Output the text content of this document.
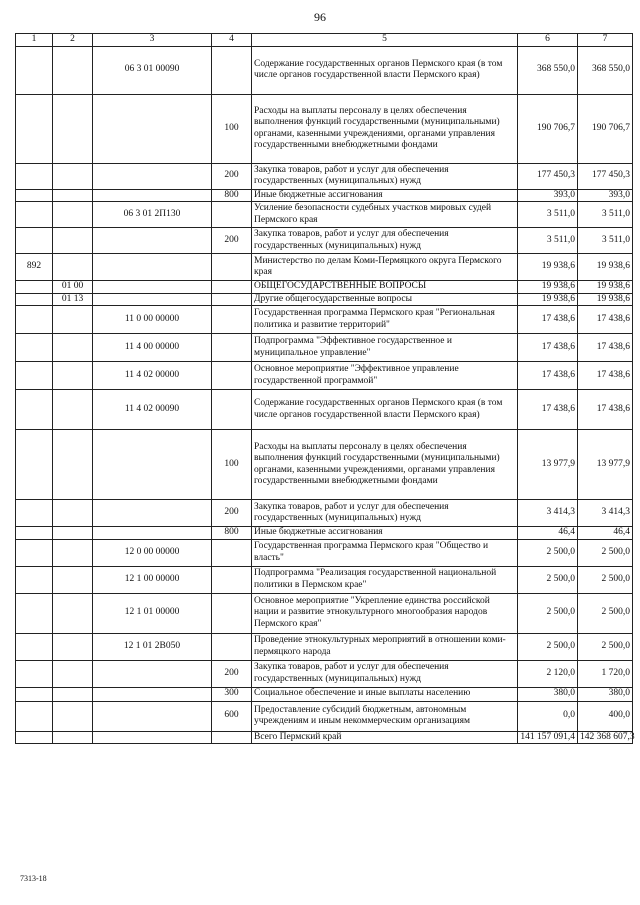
96
1	2	3	4	5	6	7
		06 3 01 00090		Содержание государственных органов Пермского края (в том числе органов государственной власти Пермского края)	368 550,0	368 550,0
			100	Расходы на выплаты персоналу в целях обеспечения выполнения функций государственными (муниципальными) органами, казенными учреждениями, органами управления государственными внебюджетными фондами	190 706,7	190 706,7
			200	Закупка товаров, работ и услуг для обеспечения государственных (муниципальных) нужд	177 450,3	177 450,3
			800	Иные бюджетные ассигнования	393,0	393,0
		06 3 01 2П130		Усиление безопасности судебных участков мировых судей Пермского края	3 511,0	3 511,0
			200	Закупка товаров, работ и услуг для обеспечения государственных (муниципальных) нужд	3 511,0	3 511,0
892				Министерство по делам Коми-Пермяцкого округа Пермского края	19 938,6	19 938,6
	01 00			ОБЩЕГОСУДАРСТВЕННЫЕ ВОПРОСЫ	19 938,6	19 938,6
	01 13			Другие общегосударственные вопросы	19 938,6	19 938,6
		11 0 00 00000		Государственная программа Пермского края "Региональная политика и развитие территорий"	17 438,6	17 438,6
		11 4 00 00000		Подпрограмма "Эффективное государственное и муниципальное управление"	17 438,6	17 438,6
		11 4 02 00000		Основное мероприятие "Эффективное управление государственной программой"	17 438,6	17 438,6
		11 4 02 00090		Содержание государственных органов Пермского края (в том числе органов государственной власти Пермского края)	17 438,6	17 438,6
			100	Расходы на выплаты персоналу в целях обеспечения выполнения функций государственными (муниципальными) органами, казенными учреждениями, органами управления государственными внебюджетными фондами	13 977,9	13 977,9
			200	Закупка товаров, работ и услуг для обеспечения государственных (муниципальных) нужд	3 414,3	3 414,3
			800	Иные бюджетные ассигнования	46,4	46,4
		12 0 00 00000		Государственная программа Пермского края "Общество и власть"	2 500,0	2 500,0
		12 1 00 00000		Подпрограмма "Реализация государственной национальной политики в Пермском крае"	2 500,0	2 500,0
		12 1 01 00000		Основное мероприятие "Укрепление единства российской нации и развитие этнокультурного многообразия народов Пермского края"	2 500,0	2 500,0
		12 1 01 2В050		Проведение этнокультурных мероприятий в отношении коми-пермяцкого народа	2 500,0	2 500,0
			200	Закупка товаров, работ и услуг для обеспечения государственных (муниципальных) нужд	2 120,0	1 720,0
			300	Социальное обеспечение и иные выплаты населению	380,0	380,0
			600	Предоставление субсидий бюджетным, автономным учреждениям и иным некоммерческим организациям	0,0	400,0
				Всего Пермский край	141 157 091,4	142 368 607,3
7313-18
